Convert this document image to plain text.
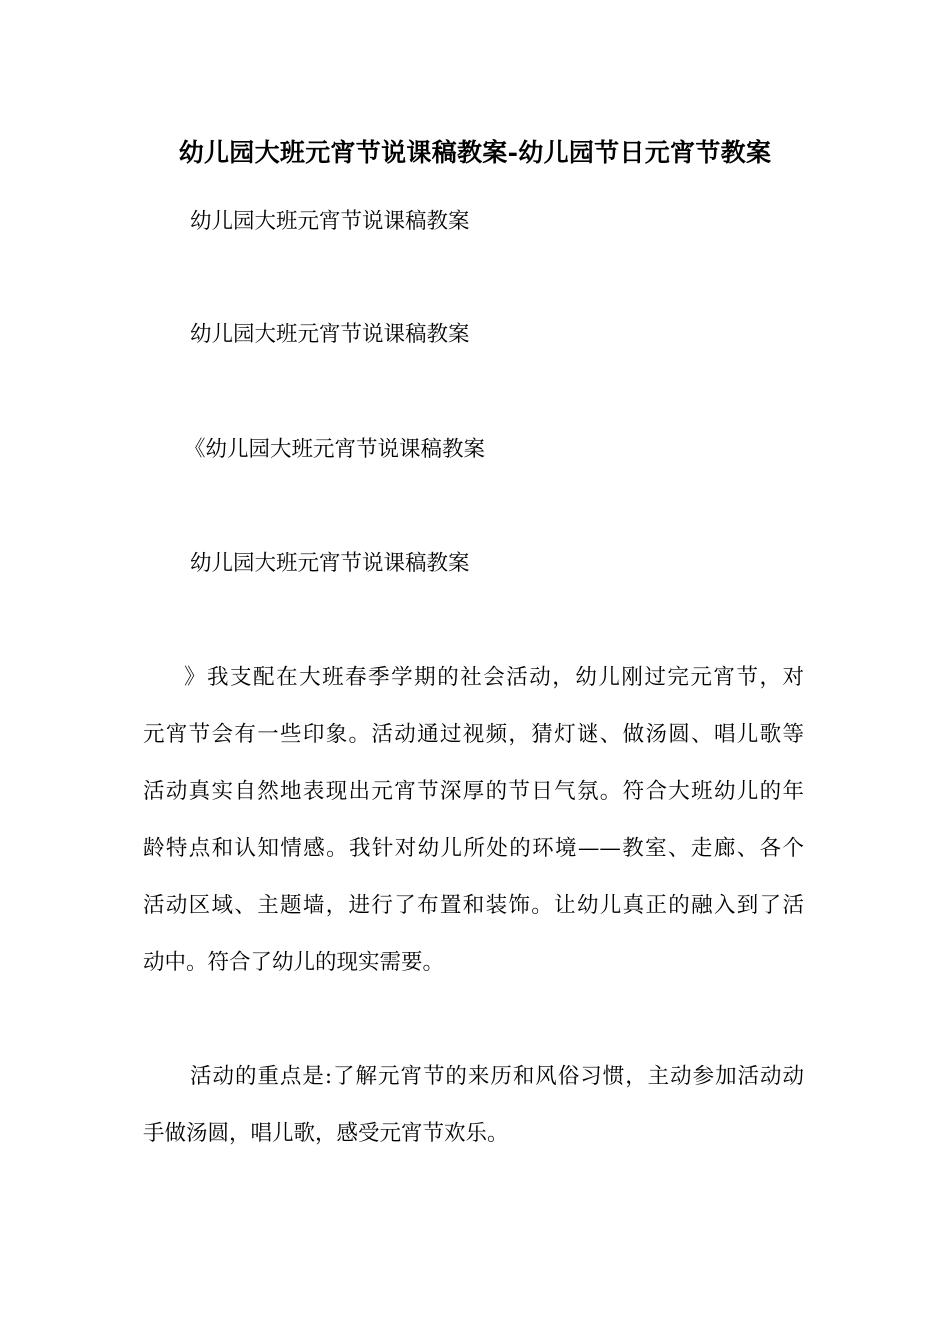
幼儿园大班元宵节说课稿教案-幼儿园节日元宵节教案
幼儿园大班元宵节说课稿教案
幼儿园大班元宵节说课稿教案
《幼儿园大班元宵节说课稿教案
幼儿园大班元宵节说课稿教案
》我支配在大班春季学期的社会活动，幼儿刚过完元宵节，对
元宵节会有一些印象。活动通过视频，猜灯谜、做汤圆、唱儿歌等
活动真实自然地表现出元宵节深厚的节日气氛。符合大班幼儿的年
龄特点和认知情感。我针对幼儿所处的环境——教室、走廊、各个
活动区域、主题墙，进行了布置和装饰。让幼儿真正的融入到了活
动中。符合了幼儿的现实需要。
活动的重点是:了解元宵节的来历和风俗习惯，主动参加活动动
手做汤圆，唱儿歌，感受元宵节欢乐。
